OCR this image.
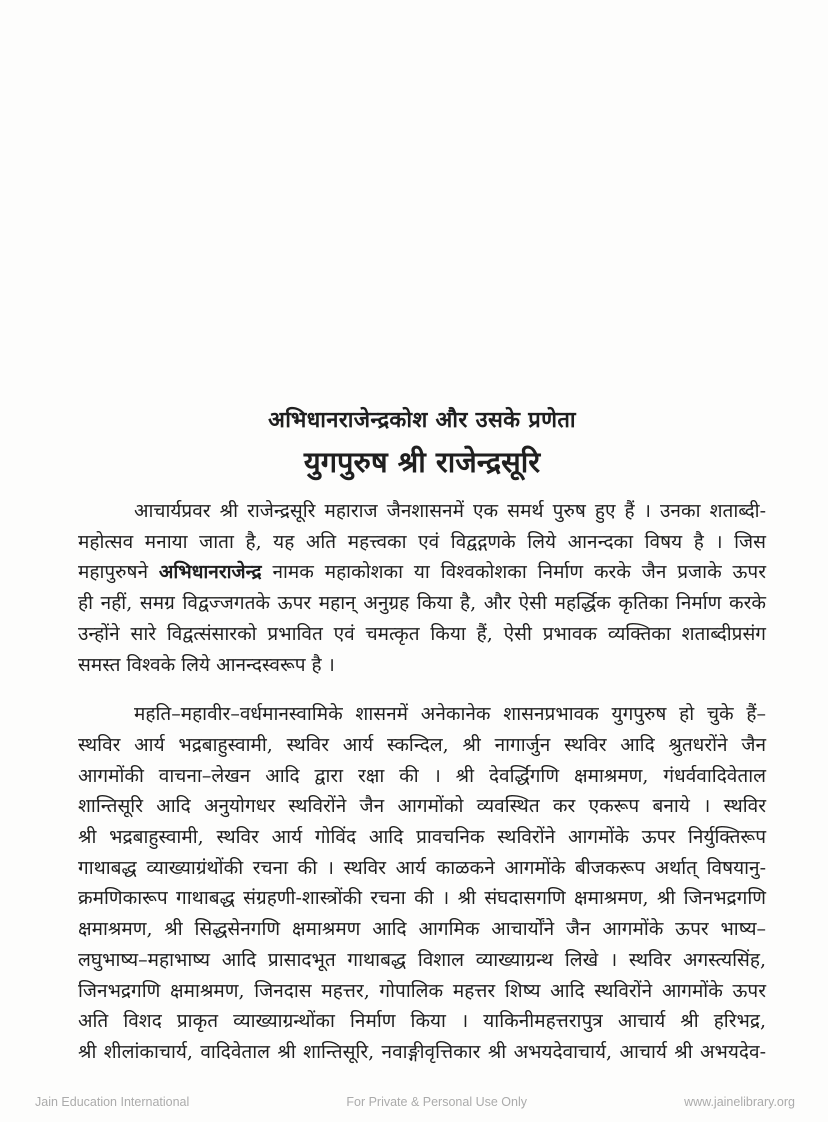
अभिधानराजेन्द्रकोश और उसके प्रणेता
युगपुरुष श्री राजेन्द्रसूरि
आचार्यप्रवर श्री राजेन्द्रसूरि महाराज जैनशासनमें एक समर्थ पुरुष हुए हैं । उनका शताब्दी-
महोत्सव मनाया जाता है, यह अति महत्त्वका एवं विद्वद्गणके लिये आनन्दका विषय है । जिस
महापुरुषने अभिधानराजेन्द्र नामक महाकोशका या विश्वकोशका निर्माण करके जैन प्रजाके ऊपर
ही नहीं, समग्र विद्वज्जगतके ऊपर महान् अनुग्रह किया है, और ऐसी महर्द्धिक कृतिका निर्माण करके
उन्होंने सारे विद्वत्संसारको प्रभावित एवं चमत्कृत किया हैं, ऐसी प्रभावक व्यक्तिका शताब्दीप्रसंग
समस्त विश्वके लिये आनन्दस्वरूप है ।
महति–महावीर–वर्धमानस्वामिके शासनमें अनेकानेक शासनप्रभावक युगपुरुष हो चुके हैं–
स्थविर आर्य भद्रबाहुस्वामी, स्थविर आर्य स्कन्दिल, श्री नागार्जुन स्थविर आदि श्रुतधरोंने जैन
आगमोंकी वाचना–लेखन आदि द्वारा रक्षा की । श्री देवर्द्धिगणि क्षमाश्रमण, गंधर्ववादिवेताल
शान्तिसूरि आदि अनुयोगधर स्थविरोंने जैन आगमोंको व्यवस्थित कर एकरूप बनाये । स्थविर
श्री भद्रबाहुस्वामी, स्थविर आर्य गोविंद आदि प्रावचनिक स्थविरोंने आगमोंके ऊपर निर्युक्तिरूप
गाथाबद्ध व्याख्याग्रंथोंकी रचना की । स्थविर आर्य काळकने आगमोंके बीजकरूप अर्थात् विषयानु-
क्रमणिकारूप गाथाबद्ध संग्रहणी-शास्त्रोंकी रचना की । श्री संघदासगणि क्षमाश्रमण, श्री जिनभद्रगणि
क्षमाश्रमण, श्री सिद्धसेनगणि क्षमाश्रमण आदि आगमिक आचार्योंने जैन आगमोंके ऊपर भाष्य–
लघुभाष्य–महाभाष्य आदि प्रासादभूत गाथाबद्ध विशाल व्याख्याग्रन्थ लिखे । स्थविर अगस्त्यसिंह,
जिनभद्रगणि क्षमाश्रमण, जिनदास महत्तर, गोपालिक महत्तर शिष्य आदि स्थविरोंने आगमोंके ऊपर
अति विशद प्राकृत व्याख्याग्रन्थोंका निर्माण किया । याकिनीमहत्तरापुत्र आचार्य श्री हरिभद्र,
श्री शीलांकाचार्य, वादिवेताल श्री शान्तिसूरि, नवाङ्गीवृत्तिकार श्री अभयदेवाचार्य, आचार्य श्री अभयदेव-
Jain Education International	For Private & Personal Use Only	www.jainelibrary.org
